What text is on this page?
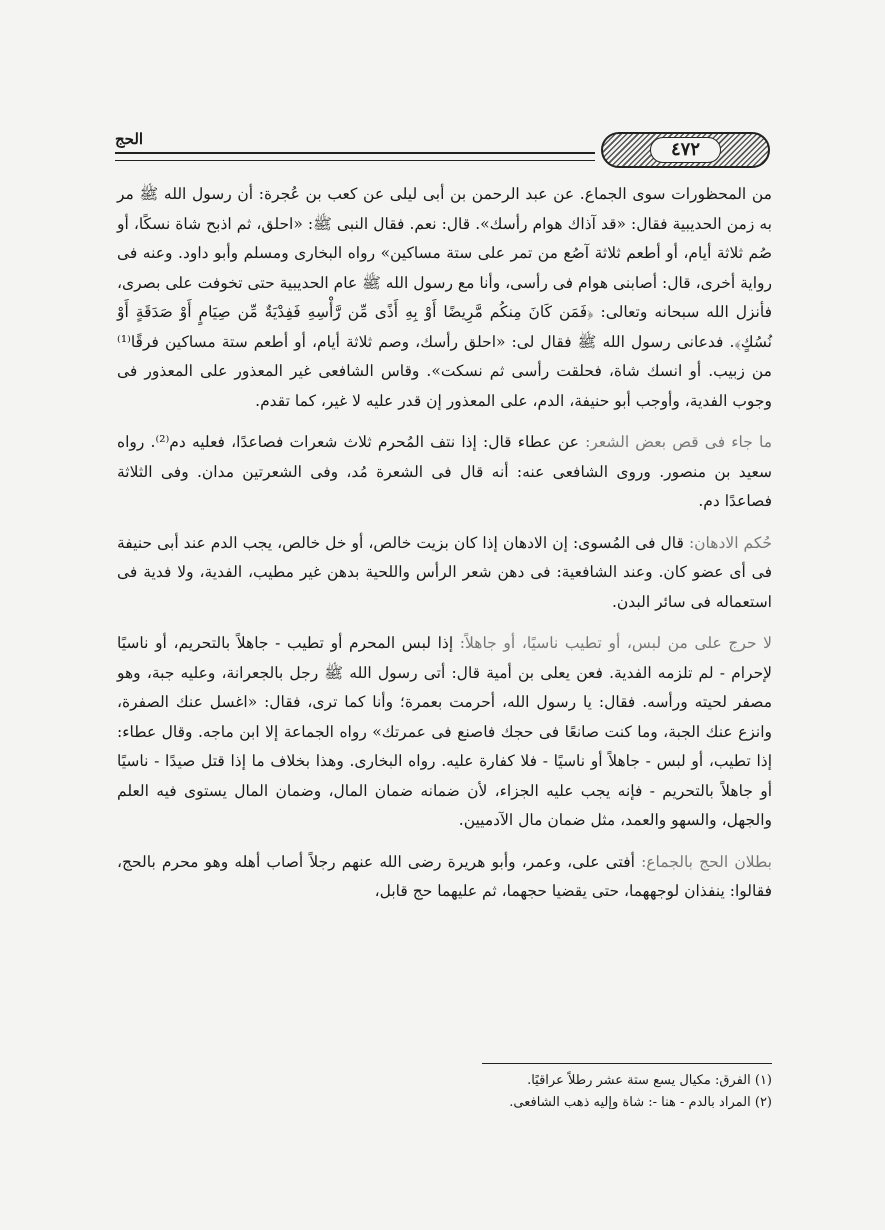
٤٧٢
الحج

من المحظورات سوى الجماع. عن عبد الرحمن بن أبى ليلى عن كعب بن عُجرة: أن رسول الله ﷺ مر به زمن الحديبية فقال: «قد آذاك هوام رأسك». قال: نعم. فقال النبى ﷺ: «احلق، ثم اذبح شاة نسكًا، أو صُم ثلاثة أيام، أو أطعم ثلاثة آصُع من تمر على ستة مساكين» رواه البخارى ومسلم وأبو داود. وعنه فى رواية أخرى، قال: أصابنى هوام فى رأسى، وأنا مع رسول الله ﷺ عام الحديبية حتى تخوفت على بصرى، فأنزل الله سبحانه وتعالى: ﴿فَمَن كَانَ مِنكُم مَّرِيضًا أَوْ بِهِ أَذًى مِّن رَّأْسِهِ فَفِدْيَةٌ مِّن صِيَامٍ أَوْ صَدَقَةٍ أَوْ نُسُكٍ﴾. فدعانى رسول الله ﷺ فقال لى: «احلق رأسك، وصم ثلاثة أيام، أو أطعم ستة مساكين فرقًا⁽¹⁾ من زبيب. أو انسك شاة، فحلقت رأسى ثم نسكت». وقاس الشافعى غير المعذور على المعذور فى وجوب الفدية، وأوجب أبو حنيفة، الدم، على المعذور إن قدر عليه لا غير، كما تقدم.

ما جاء فى قص بعض الشعر: عن عطاء قال: إذا نتف المُحرم ثلاث شعرات فصاعدًا، فعليه دم⁽²⁾. رواه سعيد بن منصور. وروى الشافعى عنه: أنه قال فى الشعرة مُد، وفى الشعرتين مدان. وفى الثلاثة فصاعدًا دم.

حُكم الادهان: قال فى المُسوى: إن الادهان إذا كان بزيت خالص، أو خل خالص، يجب الدم عند أبى حنيفة فى أى عضو كان. وعند الشافعية: فى دهن شعر الرأس واللحية بدهن غير مطيب، الفدية، ولا فدية فى استعماله فى سائر البدن.

لا حرج على من لبس، أو تطيب ناسيًا، أو جاهلاً: إذا لبس المحرم أو تطيب - جاهلاً بالتحريم، أو ناسيًا لإحرام - لم تلزمه الفدية. فعن يعلى بن أمية قال: أتى رسول الله ﷺ رجل بالجعرانة، وعليه جبة، وهو مصفر لحيته ورأسه. فقال: يا رسول الله، أحرمت بعمرة؛ وأنا كما ترى، فقال: «اغسل عنك الصفرة، وانزع عنك الجبة، وما كنت صانعًا فى حجك فاصنع فى عمرتك» رواه الجماعة إلا ابن ماجه. وقال عطاء: إذا تطيب، أو لبس - جاهلاً أو ناسيًا - فلا كفارة عليه. رواه البخارى. وهذا بخلاف ما إذا قتل صيدًا - ناسيًا أو جاهلاً بالتحريم - فإنه يجب عليه الجزاء، لأن ضمانه ضمان المال، وضمان المال يستوى فيه العلم والجهل، والسهو والعمد، مثل ضمان مال الآدميين.

بطلان الحج بالجماع: أفتى على، وعمر، وأبو هريرة رضى الله عنهم رجلاً أصاب أهله وهو محرم بالحج، فقالوا: ينفذان لوجههما، حتى يقضيا حجهما، ثم عليهما حج قابل،

(١) الفرق: مكيال يسع ستة عشر رطلاً عراقيًا.
(٢) المراد بالدم - هنا -: شاة وإليه ذهب الشافعى.
